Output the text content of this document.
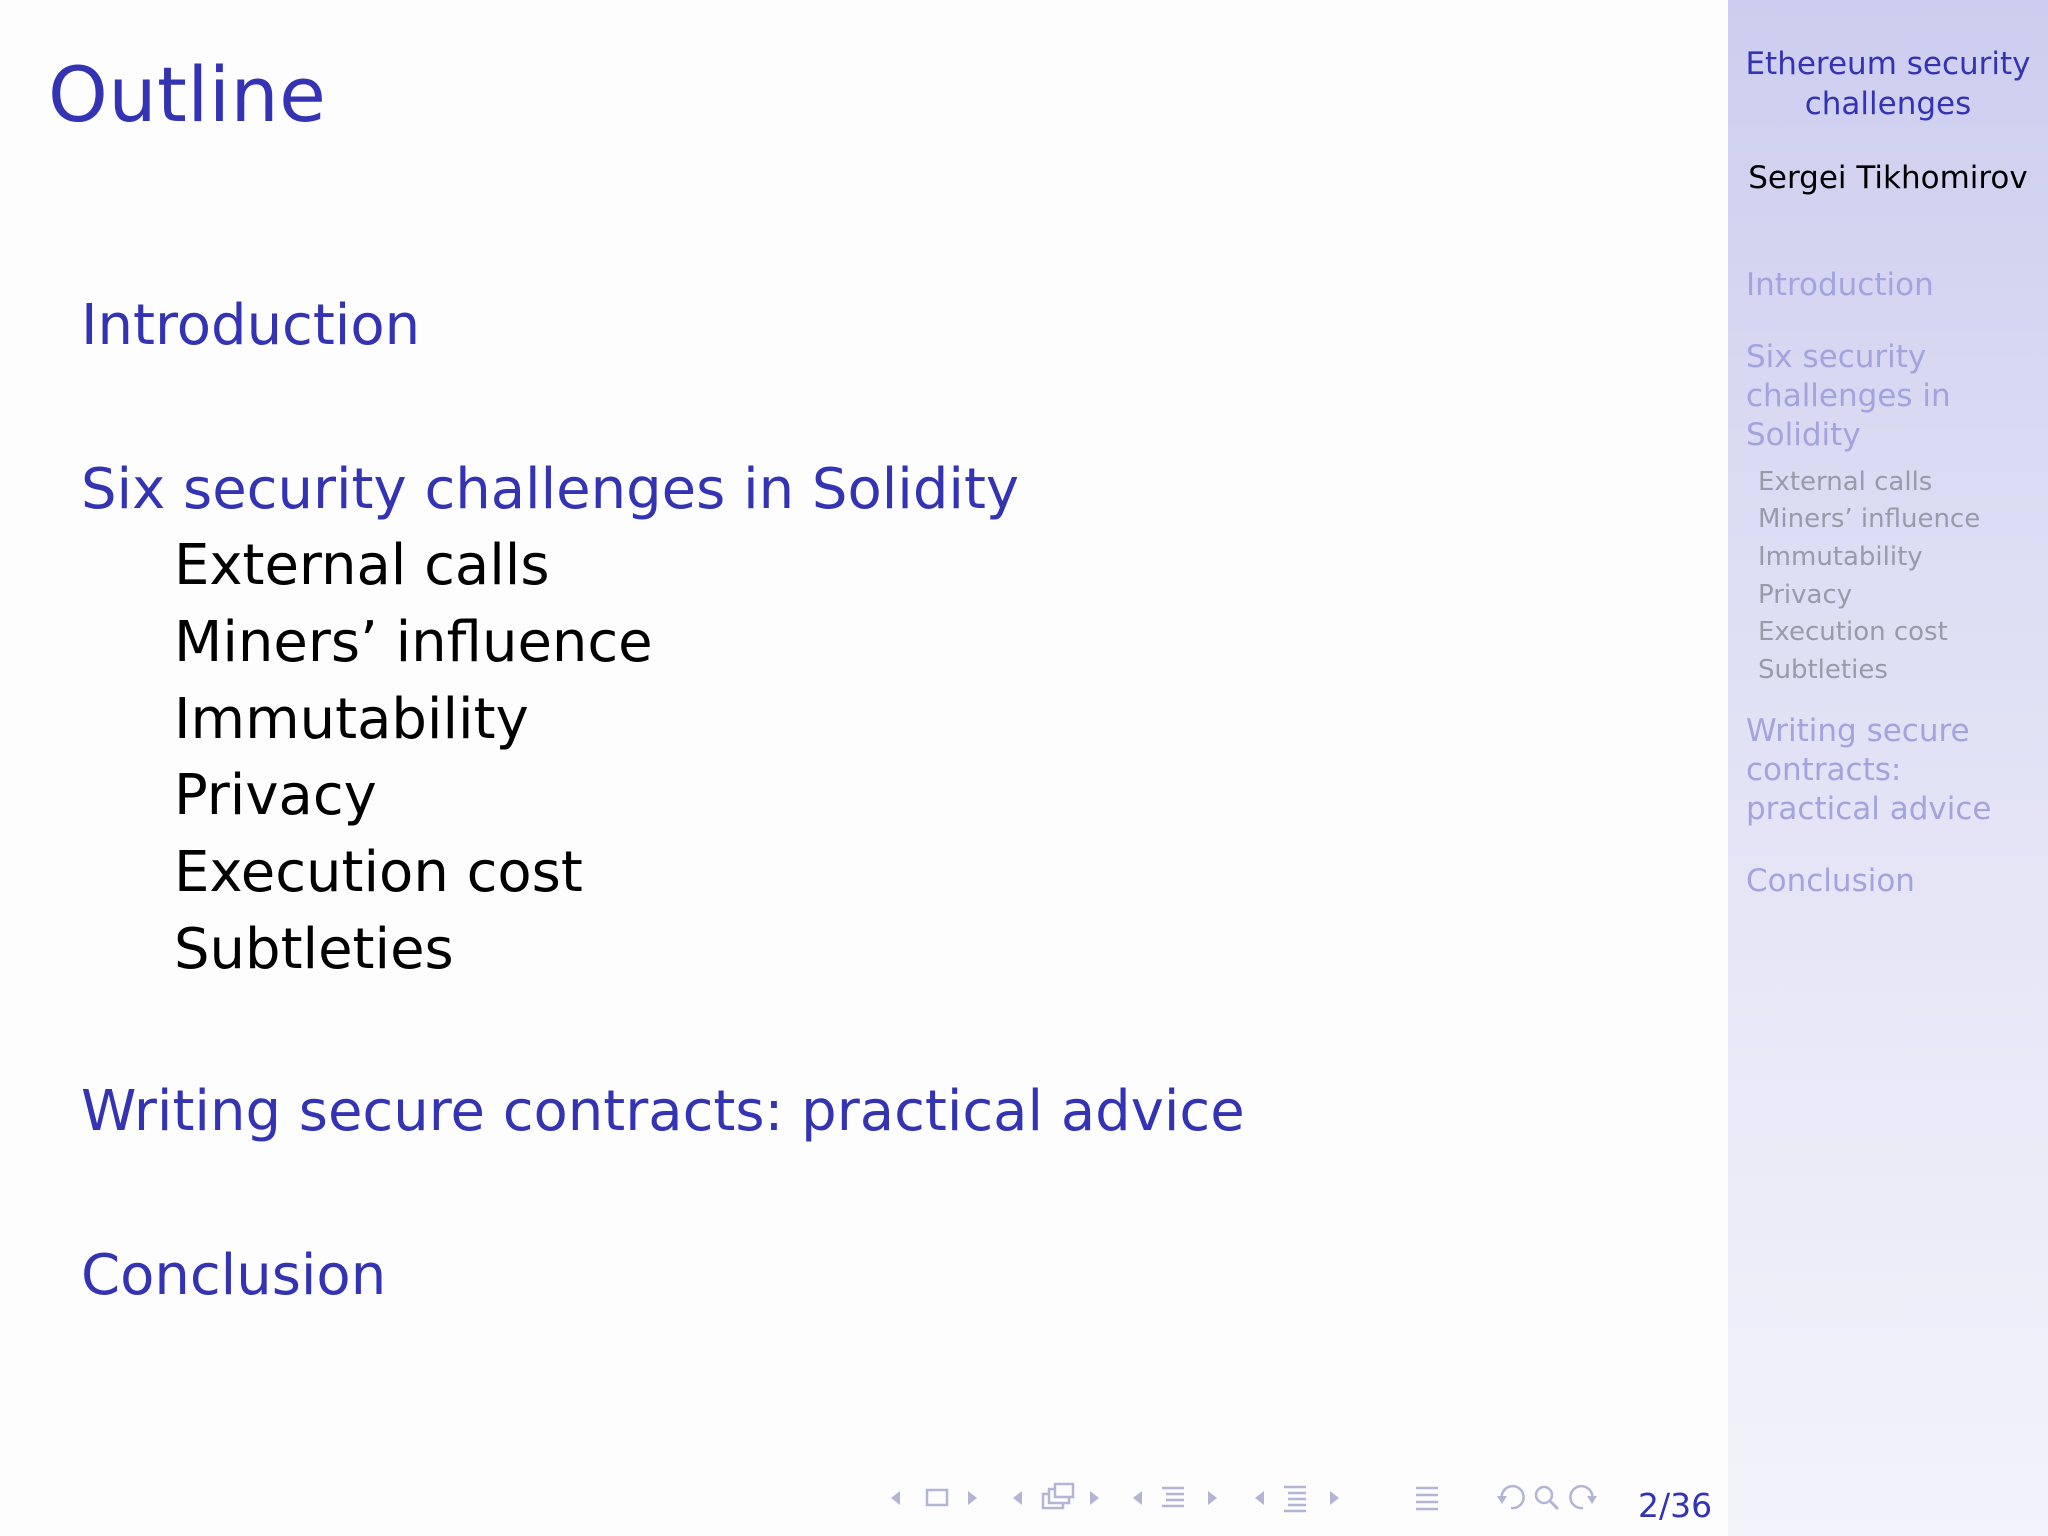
Outline

Introduction

Six security challenges in Solidity

External calls

Miners’ influence

Immutability

Privacy

Execution cost

Subtleties

Writing secure contracts: practical advice

Conclusion

Ethereum security
challenges
Sergei Tikhomirov
Introduction
Six security
challenges in
Solidity
External calls
Miners’ influence
Immutability
Privacy
Execution cost
Subtleties
Writing secure
contracts:
practical advice
Conclusion
2/36
